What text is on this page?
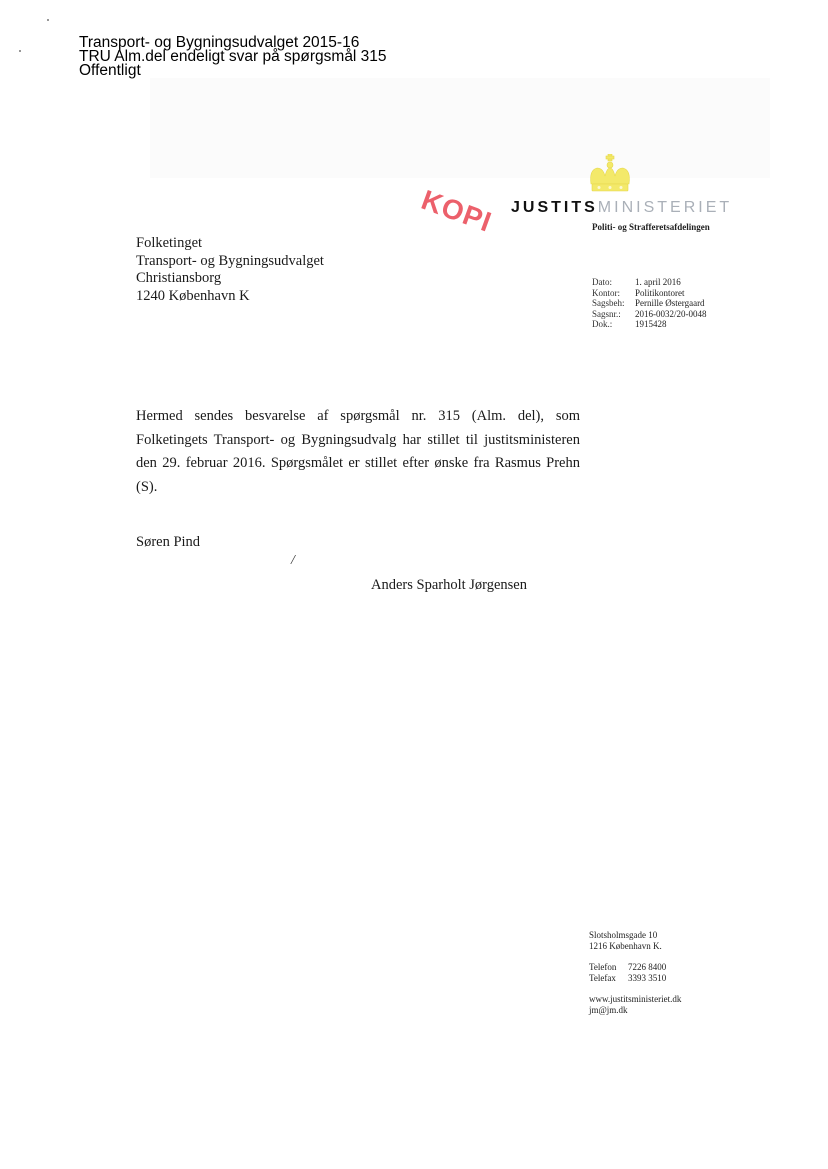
Transport- og Bygningsudvalget 2015-16
TRU Alm.del endeligt svar på spørgsmål 315
Offentligt
KOPI JUSTITSMINISTERIET
Politi- og Strafferetsafdelingen
Folketinget
Transport- og Bygningsudvalget
Christiansborg
1240 København K
Dato:	1. april 2016
Kontor:	Politikontoret
Sagsbeh:	Pernille Østergaard
Sagsnr.:	2016-0032/20-0048
Dok.:	1915428
Hermed sendes besvarelse af spørgsmål nr. 315 (Alm. del), som Folketingets Transport- og Bygningsudvalg har stillet til justitsministeren den 29. februar 2016. Spørgsmålet er stillet efter ønske fra Rasmus Prehn (S).
Søren Pind
/
Anders Sparholt Jørgensen
Slotsholmsgade 10
1216 København K.
Telefon	7226 8400
Telefax	3393 3510
www.justitsministeriet.dk
jm@jm.dk
